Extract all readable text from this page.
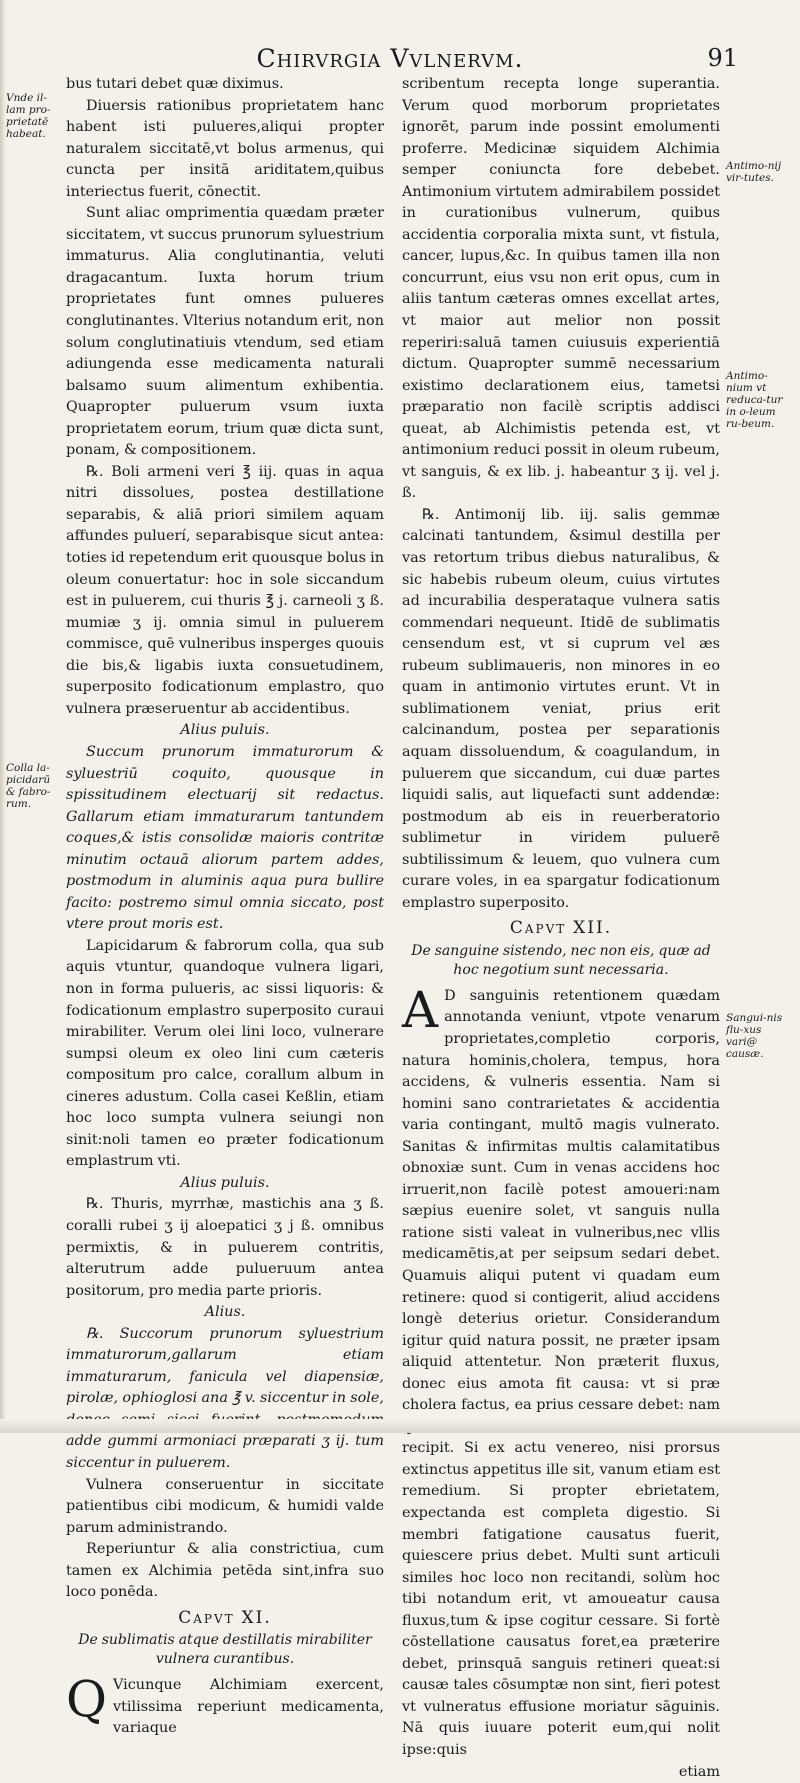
Chirvrgia Vvlnervm.	91
Vnde il-lam pro-prietatē habeat.
Colla la-picidarū & fabro-rum.
Antimo-nij vir-tutes.
Antimo-nium vt reduca-tur in o-leum ru-beum.
Sangui-nis flu-xus vari@ causæ.

bus tutari debet quæ diximus.

Diuersis rationibus proprietatem hanc habent isti pulueres,aliqui propter naturalem siccitatē,vt bolus armenus, qui cuncta per insitā ariditatem,quibus interiectus fuerit, cōnectit.

Sunt aliac omprimentia quædam præter siccitatem, vt succus prunorum syluestrium immaturus. Alia conglutinantia, veluti dragacantum. Iuxta horum trium proprietates funt omnes pulueres conglutinantes. Vlterius notandum erit, non solum conglutinatiuis vtendum, sed etiam adiungenda esse medicamenta naturali balsamo suum alimentum exhibentia. Quapropter puluerum vsum iuxta proprietatem eorum, trium quæ dicta sunt, ponam, & compositionem.

℞. Boli armeni veri ℥ iij. quas in aqua nitri dissolues, postea destillatione separabis, & aliā priori similem aquam affundes puluerí, separabisque sicut antea: toties id repetendum erit quousque bolus in oleum conuertatur: hoc in sole siccandum est in puluerem, cui thuris ℥ j. carneoli ʒ ß. mumiæ ʒ ij. omnia simul in puluerem commisce, quē vulneribus insperges quouis die bis,& ligabis iuxta consuetudinem, superposito fodicationum emplastro, quo vulnera præseruentur ab accidentibus.

Alius puluis.

Succum prunorum immaturorum & syluestriū coquito, quousque in spissitudinem electuarij sit redactus. Gallarum etiam immaturarum tantundem coques,& istis consolidæ maioris contritæ minutim octauā aliorum partem addes, postmodum in aluminis aqua pura bullire facito: postremo simul omnia siccato, post vtere prout moris est.

Lapicidarum & fabrorum colla, qua sub aquis vtuntur, quandoque vulnera ligari, non in forma pulueris, ac sissi liquoris: & fodicationum emplastro superposito curaui mirabiliter. Verum olei lini loco, vulnerare sumpsi oleum ex oleo lini cum cæteris compositum pro calce, corallum album in cineres adustum. Colla casei Keßlin, etiam hoc loco sumpta vulnera seiungi non sinit:noli tamen eo præter fodicationum emplastrum vti.

Alius puluis.

℞. Thuris, myrrhæ, mastichis ana ʒ ß. coralli rubei ʒ ij aloepatici ʒ j ß. omnibus permixtis, & in puluerem contritis, alterutrum adde pulueruum antea positorum, pro media parte prioris.

Alius.

℞. Succorum prunorum syluestrium immaturorum,gallarum etiam immaturarum, fanicula vel diapensiæ, pirolæ, ophioglosi ana ℥ v. siccentur in sole, adde gummi armoniaci præparati ʒ ij. tum siccentur in puluerem.

Vulnera conseruentur in siccitate patientibus cibi modicum, & humidi valde parum administrando.

Reperiuntur & alia constrictiua, cum tamen ex Alchimia petēda sint,infra suo loco ponēda.

Capvt XI.

De sublimatis atque destillatis mirabiliter vulnera curantibus.

Q Vicunque Alchimiam exercent, vtilissima reperiunt medicamenta, variaque

scribentum recepta longe superantia. Verum quod morborum proprietates ignorēt, parum inde possint emolumenti proferre. Medicinæ siquidem Alchimia semper coniuncta fore debebet. Antimonium virtutem admirabilem possidet in curationibus vulnerum, quibus accidentia corporalia mixta sunt, vt fistula, cancer, lupus,&c. In quibus tamen illa non concurrunt, eius vsu non erit opus, cum in aliis tantum cæteras omnes excellat artes, vt maior aut melior non possit reperiri:saluā tamen cuiusuis experientiā dictum. Quapropter summē necessarium existimo declarationem eius, tametsi præparatio non facilè scriptis addisci queat, ab Alchimistis petenda est, vt antimonium reduci possit in oleum rubeum, vt sanguis, & ex lib. j. habeantur ʒ ij. vel j. ß.

℞. Antimonij lib. iij. salis gemmæ calcinati tantundem, &simul destilla per vas retortum tribus diebus naturalibus, & sic habebis rubeum oleum, cuius virtutes ad incurabilia desperataque vulnera satis commendari nequeunt. Itidē de sublimatis censendum est, vt si cuprum vel æs rubeum sublimaueris, non minores in eo quam in antimonio virtutes erunt. Vt in sublimationem veniat, prius erit calcinandum, postea per separationis aquam dissoluendum, & coagulandum, in puluerem que siccandum, cui duæ partes liquidi salis, aut liquefacti sunt addendæ: postmodum ab eis in reuerberatorio sublimetur in viridem puluerē subtilissimum & leuem, quo vulnera cum curare voles, in ea spargatur fodicationum emplastro superposito.

Capvt XII.

De sanguine sistendo, nec non eis, quæ ad hoc negotium sunt necessaria.

A D sanguinis retentionem quædam annotanda veniunt, vtpote venarum proprietates,completio corporis, natura hominis,cholera, tempus, hora accidens, & vulneris essentia. Nam si homini sano contrarietates & accidentia varia contingant, multō magis vulnerato. Sanitas & infirmitas multis calamitatibus obnoxiæ sunt. Cum in venas accidens hoc irruerit,non facilè potest amoueri:nam sæpius euenire solet, vt sanguis nulla ratione sisti valeat in vulneribus,nec vllis medicamētis,at per seipsum sedari debet. Quamuis aliqui putent vi quadam eum retinere: quod si contigerit, aliud accidens longè deterius orietur. Considerandum igitur quid natura possit, ne præter ipsam aliquid attentetur. Non præterit fluxus, donec eius amota fit causa: vt si præ cholera factus, ea prius cessare debet: nam recipit. Si ex actu venereo, nisi prorsus extinctus appetitus ille sit, vanum etiam est remedium. Si propter ebrietatem, expectanda est completa digestio. Si membri fatigatione causatus fuerit, quiescere prius debet. Multi sunt articuli similes hoc loco non recitandi, solùm hoc tibi notandum erit, vt amoueatur causa fluxus,tum & ipse cogitur cessare. Si fortè cōstellatione causatus foret,ea præterire debet, prinsquā sanguis retineri queat:si causæ tales cōsumptæ non sint, fieri potest vt vulneratus effusione moriatur sāguinis. Nā quis iuuare poterit eum,qui nolit ipse:quis

etiam
